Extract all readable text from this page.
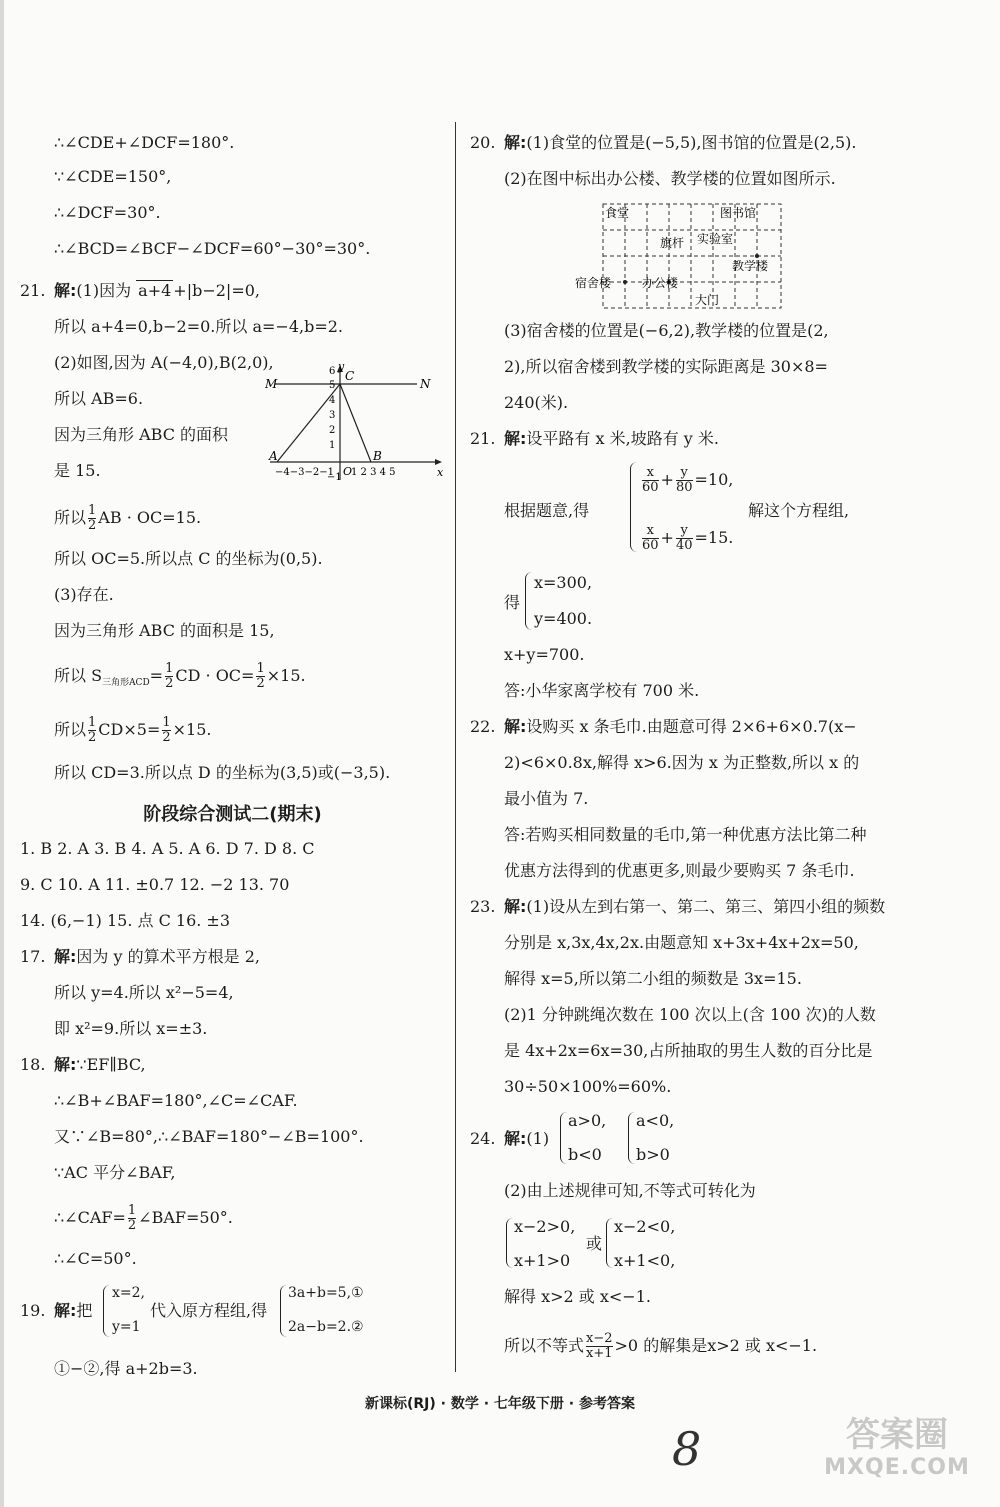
∴∠CDE+∠DCF=180°.
∵∠CDE=150°,
∴∠DCF=30°.
∴∠BCD=∠BCF−∠DCF=60°−30°=30°.
21. 解:(1)因为 a+4 +|b−2|=0,
所以 a+4=0,b−2=0.所以 a=−4,b=2.
(2)如图,因为 A(−4,0),B(2,0),
所以 AB=6.
因为三角形 ABC 的面积
是 15.
y
x
M	N
C
A	B
O
−4−3−2−1 1 2 3 4 5
6
5
4
3
2
1
−1
所以 $\frac{1}{2}$ AB · OC=15.
所以 OC=5.所以点 C 的坐标为(0,5).
(3)存在.
因为三角形 ABC 的面积是 15,
所以 $S_{三角形ACD}= \frac{1}{2}$ CD · $OC= \frac{1}{2} \times 15$.
所以 $\frac{1}{2} CD\times 5= \frac{1}{2} \times 15$.
所以 CD=3.所以点 D 的坐标为(3,5)或(−3,5).
阶段综合测试二(期末)
1. B 2. A 3. B 4. A 5. A 6. D 7. D 8. C
9. C 10. A 11. ±0.7 12. −2 13. 70
14. (6,−1) 15. 点 C 16. ±3
17. 解:因为 y 的算术平方根是 2,
所以 y=4.所以 x²−5=4,
即 x²=9.所以 x=±3.
18. 解:∵EF∥BC,
∴∠B+∠BAF=180°,∠C=∠CAF.
又∵∠B=80°,∴∠BAF=180°−∠B=100°.
∵AC 平分∠BAF,
∴∠CAF= $\frac{1}{2}$ ∠BAF=50°.
∴∠C=50°.
19. 解:把
x=2,
y=1
代入原方程组,得
3a+b=5,①
2a−b=2.②
①−②,得 a+2b=3.
20. 解:(1)食堂的位置是(−5,5),图书馆的位置是(2,5).
(2)在图中标出办公楼、教学楼的位置如图所示.
食堂	图书馆
旗杆 实验室
教学楼
宿舍楼	办公楼
大门
(3)宿舍楼的位置是(−6,2),教学楼的位置是(2,
2),所以宿舍楼到教学楼的实际距离是 30×8=
240(米).
21. 解:设平路有 x 米,坡路有 y 米.
根据题意,得
$\frac{x}{60} + \frac{y}{80} =10$,
$\frac{x}{60} + \frac{y}{40} =15$.
解这个方程组,
得
x=300,
y=400.
x+y=700.
答:小华家离学校有 700 米.
22. 解:设购买 x 条毛巾.由题意可得 2×6+6×0.7(x−
2)<6×0.8x,解得 x>6.因为 x 为正整数,所以 x 的
最小值为 7.
答:若购买相同数量的毛巾,第一种优惠方法比第二种
优惠方法得到的优惠更多,则最少要购买 7 条毛巾.
23. 解:(1)设从左到右第一、第二、第三、第四小组的频数
分别是 x,3x,4x,2x.由题意知 x+3x+4x+2x=50,
解得 x=5,所以第二小组的频数是 3x=15.
(2)1 分钟跳绳次数在 100 次以上(含 100 次)的人数
是 4x+2x=6x=30,占所抽取的男生人数的百分比是
30÷50×100%=60%.
24. 解:(1)
a>0,
b<0
a<0,
b>0
(2)由上述规律可知,不等式可转化为
x−2>0,
x+1>0
或
x−2<0,
x+1<0,
解得 x>2 或 x<−1.
所以不等式 $\frac{x-2}{x+1} >0$ 的解集是x>2 或 x<−1.
新课标(RJ) · 数学 · 七年级下册 · 参考答案
8	答案圈
MXQE.COM
